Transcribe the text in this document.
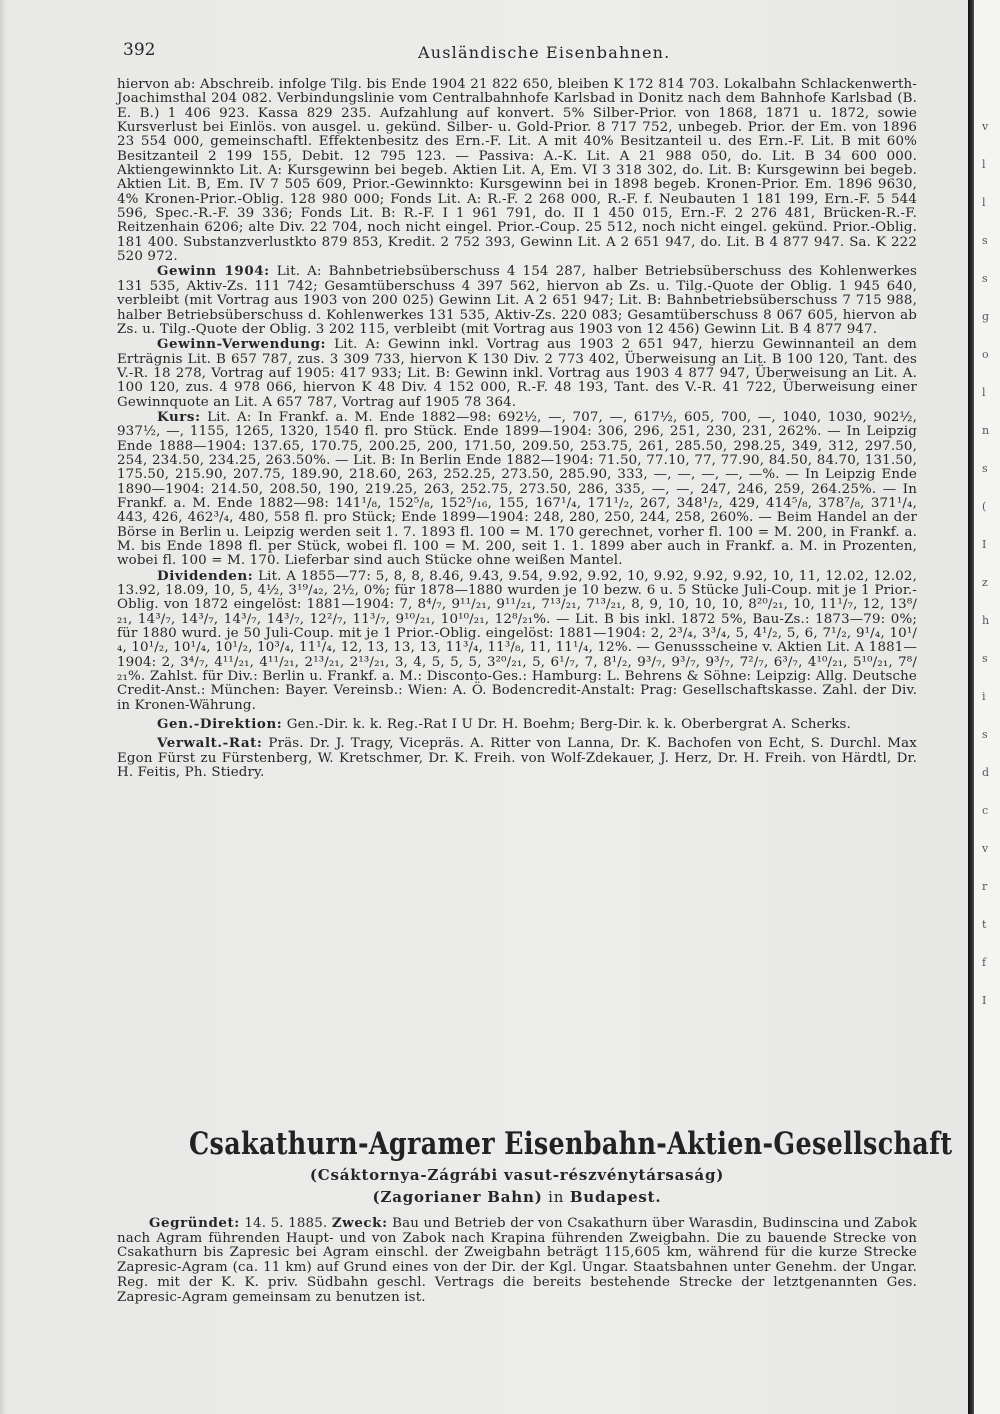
392	Ausländische Eisenbahnen.

hiervon ab: Abschreib. infolge Tilg. bis Ende 1904 21 822 650, bleiben K 172 814 703. Lokalbahn Schlackenwerth-Joachimsthal 204 082. Verbindungslinie vom Centralbahnhofe Karlsbad in Donitz nach dem Bahnhofe Karlsbad (B. E. B.) 1 406 923. Kassa 829 235. Aufzahlung auf konvert. 5% Silber-Prior. von 1868, 1871 u. 1872, sowie Kursverlust bei Einlös. von ausgel. u. gekünd. Silber- u. Gold-Prior. 8 717 752, unbegeb. Prior. der Em. von 1896 23 554 000, gemeinschaftl. Effektenbesitz des Ern.-F. Lit. A mit 40% Besitzanteil u. des Ern.-F. Lit. B mit 60% Besitzanteil 2 199 155, Debit. 12 795 123. — Passiva: A.-K. Lit. A 21 988 050, do. Lit. B 34 600 000. Aktiengewinnkto Lit. A: Kursgewinn bei begeb. Aktien Lit. A, Em. VI 3 318 302, do. Lit. B: Kursgewinn bei begeb. Aktien Lit. B, Em. IV 7 505 609, Prior.-Gewinnkto: Kursgewinn bei in 1898 begeb. Kronen-Prior. Em. 1896 9630, 4% Kronen-Prior.-Oblig. 128 980 000; Fonds Lit. A: R.-F. 2 268 000, R.-F. f. Neubauten 1 181 199, Ern.-F. 5 544 596, Spec.-R.-F. 39 336; Fonds Lit. B: R.-F. I 1 961 791, do. II 1 450 015, Ern.-F. 2 276 481, Brücken-R.-F. Reitzenhain 6206; alte Div. 22 704, noch nicht eingel. Prior.-Coup. 25 512, noch nicht eingel. gekünd. Prior.-Oblig. 181 400. Substanzverlustkto 879 853, Kredit. 2 752 393, Gewinn Lit. A 2 651 947, do. Lit. B 4 877 947. Sa. K 222 520 972.

Gewinn 1904: Lit. A: Bahnbetriebsüberschuss 4 154 287, halber Betriebsüberschuss des Kohlenwerkes 131 535, Aktiv-Zs. 111 742; Gesamtüberschuss 4 397 562, hiervon ab Zs. u. Tilg.-Quote der Oblig. 1 945 640, verbleibt (mit Vortrag aus 1903 von 200 025) Gewinn Lit. A 2 651 947; Lit. B: Bahnbetriebsüberschuss 7 715 988, halber Betriebsüberschuss d. Kohlenwerkes 131 535, Aktiv-Zs. 220 083; Gesamtüberschuss 8 067 605, hiervon ab Zs. u. Tilg.-Quote der Oblig. 3 202 115, verbleibt (mit Vortrag aus 1903 von 12 456) Gewinn Lit. B 4 877 947.

Gewinn-Verwendung: Lit. A: Gewinn inkl. Vortrag aus 1903 2 651 947, hierzu Gewinnanteil an dem Erträgnis Lit. B 657 787, zus. 3 309 733, hiervon K 130 Div. 2 773 402, Überweisung an Lit. B 100 120, Tant. des V.-R. 18 278, Vortrag auf 1905: 417 933; Lit. B: Gewinn inkl. Vortrag aus 1903 4 877 947, Überweisung an Lit. A. 100 120, zus. 4 978 066, hiervon K 48 Div. 4 152 000, R.-F. 48 193, Tant. des V.-R. 41 722, Überweisung einer Gewinnquote an Lit. A 657 787, Vortrag auf 1905 78 364.

Kurs: Lit. A: In Frankf. a. M. Ende 1882—98: 692½, —, 707, —, 617½, 605, 700, —, 1040, 1030, 902½, 937½, —, 1155, 1265, 1320, 1540 fl. pro Stück. Ende 1899—1904: 306, 296, 251, 230, 231, 262%. — In Leipzig Ende 1888—1904: 137.65, 170.75, 200.25, 200, 171.50, 209.50, 253.75, 261, 285.50, 298.25, 349, 312, 297.50, 254, 234.50, 234.25, 263.50%. — Lit. B: In Berlin Ende 1882—1904: 71.50, 77.10, 77, 77.90, 84.50, 84.70, 131.50, 175.50, 215.90, 207.75, 189.90, 218.60, 263, 252.25, 273.50, 285.90, 333, —, —, —, —, —%. — In Leipzig Ende 1890—1904: 214.50, 208.50, 190, 219.25, 263, 252.75, 273.50, 286, 335, —, —, 247, 246, 259, 264.25%. — In Frankf. a. M. Ende 1882—98: 141¹/₈, 152⁵/₈, 152⁵/₁₆, 155, 167¹/₄, 171¹/₂, 267, 348¹/₂, 429, 414⁵/₈, 378⁷/₈, 371¹/₄, 443, 426, 462³/₄, 480, 558 fl. pro Stück; Ende 1899—1904: 248, 280, 250, 244, 258, 260%. — Beim Handel an der Börse in Berlin u. Leipzig werden seit 1. 7. 1893 fl. 100 = M. 170 gerechnet, vorher fl. 100 = M. 200, in Frankf. a. M. bis Ende 1898 fl. per Stück, wobei fl. 100 = M. 200, seit 1. 1. 1899 aber auch in Frankf. a. M. in Prozenten, wobei fl. 100 = M. 170. Lieferbar sind auch Stücke ohne weißen Mantel.

Dividenden: Lit. A 1855—77: 5, 8, 8, 8.46, 9.43, 9.54, 9.92, 9.92, 10, 9.92, 9.92, 9.92, 10, 11, 12.02, 12.02, 13.92, 18.09, 10, 5, 4½, 3¹⁹/₄₂, 2½, 0%; für 1878—1880 wurden je 10 bezw. 6 u. 5 Stücke Juli-Coup. mit je 1 Prior.-Oblig. von 1872 eingelöst: 1881—1904: 7, 8⁴/₇, 9¹¹/₂₁, 9¹¹/₂₁, 7¹³/₂₁, 7¹³/₂₁, 8, 9, 10, 10, 10, 8²⁰/₂₁, 10, 11¹/₇, 12, 13⁸/₂₁, 14³/₇, 14³/₇, 14³/₇, 14³/₇, 12²/₇, 11³/₇, 9¹⁰/₂₁, 10¹⁰/₂₁, 12⁸/₂₁%. — Lit. B bis inkl. 1872 5%, Bau-Zs.: 1873—79: 0%; für 1880 wurd. je 50 Juli-Coup. mit je 1 Prior.-Oblig. eingelöst: 1881—1904: 2, 2³/₄, 3³/₄, 5, 4¹/₂, 5, 6, 7¹/₂, 9¹/₄, 10¹/₄, 10¹/₂, 10¹/₄, 10¹/₂, 10³/₄, 11¹/₄, 12, 13, 13, 13, 11³/₄, 11³/₈, 11, 11¹/₄, 12%. — Genussscheine v. Aktien Lit. A 1881—1904: 2, 3⁴/₇, 4¹¹/₂₁, 4¹¹/₂₁, 2¹³/₂₁, 2¹³/₂₁, 3, 4, 5, 5, 5, 3²⁰/₂₁, 5, 6¹/₇, 7, 8¹/₂, 9³/₇, 9³/₇, 9³/₇, 7²/₇, 6³/₇, 4¹⁰/₂₁, 5¹⁰/₂₁, 7⁸/₂₁%. Zahlst. für Div.: Berlin u. Frankf. a. M.: Disconto-Ges.: Hamburg: L. Behrens & Söhne: Leipzig: Allg. Deutsche Credit-Anst.: München: Bayer. Vereinsb.: Wien: A. Ö. Bodencredit-Anstalt: Prag: Gesellschaftskasse. Zahl. der Div. in Kronen-Währung.

Gen.-Direktion: Gen.-Dir. k. k. Reg.-Rat I U Dr. H. Boehm; Berg-Dir. k. k. Oberbergrat A. Scherks.

Verwalt.-Rat: Präs. Dr. J. Tragy, Vicepräs. A. Ritter von Lanna, Dr. K. Bachofen von Echt, S. Durchl. Max Egon Fürst zu Fürstenberg, W. Kretschmer, Dr. K. Freih. von Wolf-Zdekauer, J. Herz, Dr. H. Freih. von Härdtl, Dr. H. Feitis, Ph. Stiedry.

Csakathurn-Agramer Eisenbahn-Aktien-Gesellschaft
(Csáktornya-Zágrábi vasut-részvénytársaság)
(Zagorianer Bahn) in Budapest.

Gegründet: 14. 5. 1885. Zweck: Bau und Betrieb der von Csakathurn über Warasdin, Budinscina und Zabok nach Agram führenden Haupt- und von Zabok nach Krapina führenden Zweigbahn. Die zu bauende Strecke von Csakathurn bis Zapresic bei Agram einschl. der Zweigbahn beträgt 115,605 km, während für die kurze Strecke Zapresic-Agram (ca. 11 km) auf Grund eines von der Dir. der Kgl. Ungar. Staatsbahnen unter Genehm. der Ungar. Reg. mit der K. K. priv. Südbahn geschl. Vertrags die bereits bestehende Strecke der letztgenannten Ges. Zapresic-Agram gemeinsam zu benutzen ist.

v
l
l
s
s
g
o
l
n
s
(
I
z
h
s
i
s
d
c
v
r
t
f
I
